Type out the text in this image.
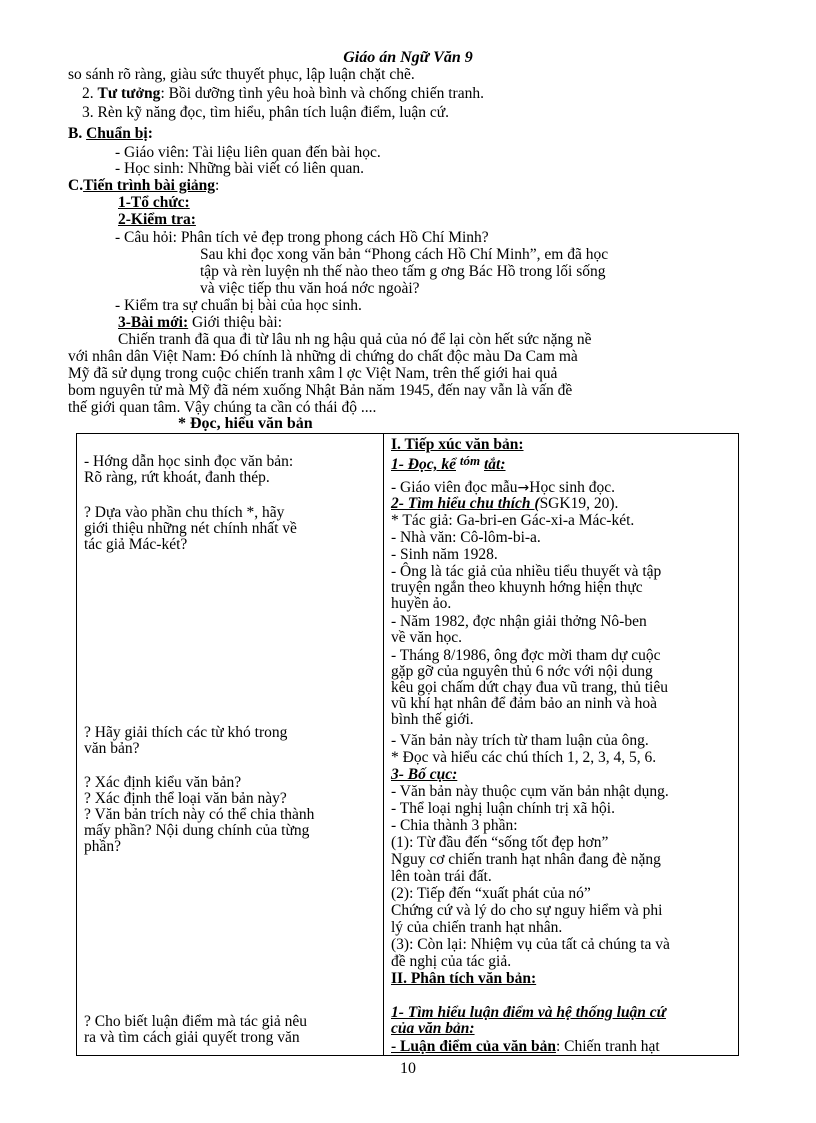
Giáo án Ngữ Văn 9
so sánh rõ ràng, giàu sức thuyết phục, lập luận chặt chẽ.
2. Tư tưởng: Bồi dưỡng tình yêu hoà bình và chống chiến tranh.
3. Rèn kỹ năng đọc, tìm hiểu, phân tích luận điểm, luận cứ.
B. Chuẩn bị:
- Giáo viên: Tài liệu liên quan đến bài học.
- Học sinh: Những bài viết có liên quan.
C.Tiến trình bài giảng:
1-Tổ chức:
2-Kiểm tra:
- Câu hỏi: Phân tích vẻ đẹp trong phong cách Hồ Chí Minh?
Sau khi đọc xong văn bản “Phong cách Hồ Chí Minh”, em đã học
tập và rèn luyện nh thế nào theo tấm g ơng Bác Hồ trong lối sống
và việc tiếp thu văn hoá nớc ngoài?
- Kiểm tra sự chuẩn bị bài của học sinh.
3-Bài mới: Giới thiệu bài:
Chiến tranh đã qua đi từ lâu nh ng hậu quả của nó để lại còn hết sức nặng nề
với nhân dân Việt Nam: Đó chính là những di chứng do chất độc màu Da Cam mà
Mỹ đã sử dụng trong cuộc chiến tranh xâm l ợc Việt Nam, trên thế giới hai quả
bom nguyên tử mà Mỹ đã ném xuống Nhật Bản năm 1945, đến nay vẫn là vấn đề
thế giới quan tâm. Vậy chúng ta cần có thái độ ....
* Đọc, hiểu văn bản
- Hớng dẫn học sinh đọc văn bản:
Rõ ràng, rứt khoát, đanh thép.
? Dựa vào phần chu thích *, hãy
giới thiệu những nét chính nhất về
tác giả Mác-két?
? Hãy giải thích các từ khó trong
văn bản?
? Xác định kiểu văn bản?
? Xác định thể loại văn bản này?
? Văn bản trích này có thể chia thành
mấy phần? Nội dung chính của từng
phần?
? Cho biết luận điểm mà tác giả nêu
ra và tìm cách giải quyết trong văn
I. Tiếp xúc văn bản:
1- Đọc, kể $^{tóm}$ tắt:
- Giáo viên đọc mẫu→Học sinh đọc.
2- Tìm hiểu chu thích (SGK19, 20).
* Tác giả: Ga-bri-en Gác-xi-a Mác-két.
- Nhà văn: Cô-lôm-bi-a.
- Sinh năm 1928.
- Ông là tác giả của nhiều tiểu thuyết và tập
truyện ngắn theo khuynh hớng hiện thực
huyền ảo.
- Năm 1982, đợc nhận giải thởng Nô-ben
về văn học.
- Tháng 8/1986, ông đợc mời tham dự cuộc
gặp gỡ của nguyên thủ 6 nớc với nội dung
kêu gọi chấm dứt chạy đua vũ trang, thủ tiêu
vũ khí hạt nhân để đảm bảo an ninh và hoà
bình thế giới.
- Văn bản này trích từ tham luận của ông.
* Đọc và hiểu các chú thích 1, 2, 3, 4, 5, 6.
3- Bố cục:
- Văn bản này thuộc cụm văn bản nhật dụng.
- Thể loại nghị luận chính trị xã hội.
- Chia thành 3 phần:
(1): Từ đầu đến “sống tốt đẹp hơn”
Nguy cơ chiến tranh hạt nhân đang đè nặng
lên toàn trái đất.
(2): Tiếp đến “xuất phát của nó”
Chứng cứ và lý do cho sự nguy hiểm và phi
lý của chiến tranh hạt nhân.
(3): Còn lại: Nhiệm vụ của tất cả chúng ta và
đề nghị của tác giả.
II. Phân tích văn bản:
1- Tìm hiểu luận điểm và hệ thống luận cứ
của văn bản:
- Luận điểm của văn bản: Chiến tranh hạt
10
